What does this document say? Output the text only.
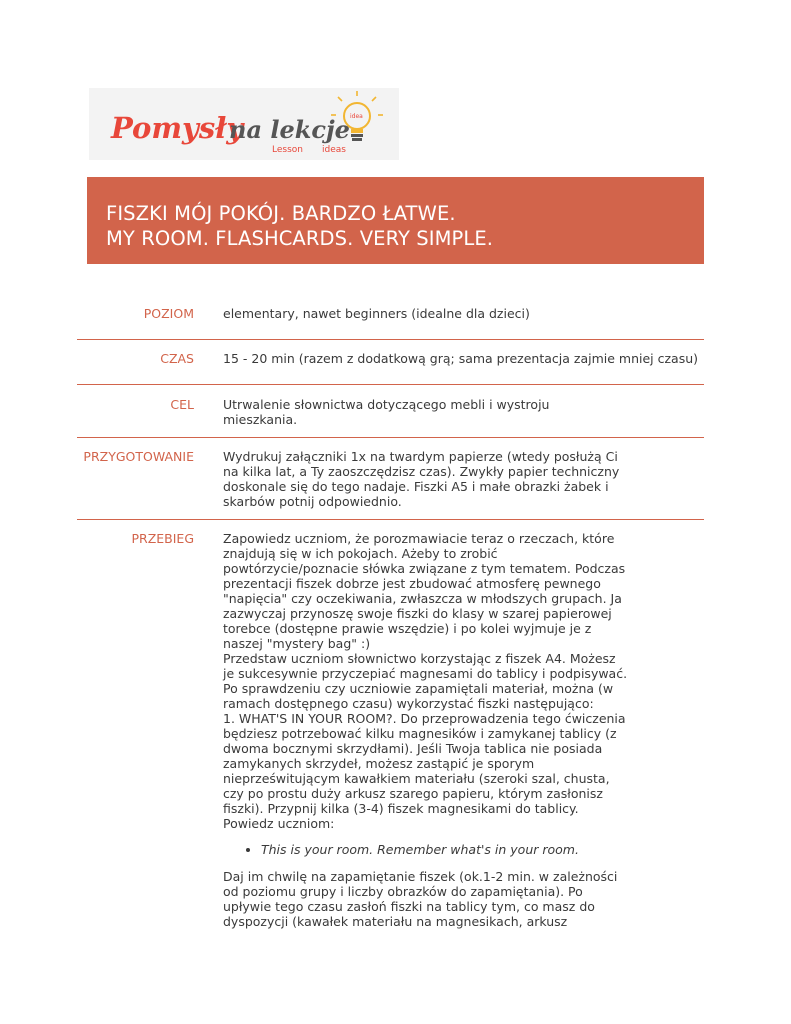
Pomysły
na lekcje
Lesson ideas
idea
FISZKI MÓJ POKÓJ. BARDZO ŁATWE.
MY ROOM. FLASHCARDS. VERY SIMPLE.
POZIOM elementary, nawet beginners (idealne dla dzieci)
CZAS 15 - 20 min (razem z dodatkową grą; sama prezentacja zajmie mniej czasu)
CEL Utrwalenie słownictwa dotyczącego mebli i wystroju mieszkania.
PRZYGOTOWANIE Wydrukuj załączniki 1x na twardym papierze (wtedy posłużą Ci na kilka lat, a Ty zaoszczędzisz czas). Zwykły papier techniczny doskonale się do tego nadaje. Fiszki A5 i małe obrazki żabek i skarbów potnij odpowiednio.
PRZEBIEG Zapowiedz uczniom, że porozmawiacie teraz o rzeczach, które znajdują się w ich pokojach. Ażeby to zrobić powtórzycie/poznacie słówka związane z tym tematem. Podczas prezentacji fiszek dobrze jest zbudować atmosferę pewnego "napięcia" czy oczekiwania, zwłaszcza w młodszych grupach. Ja zazwyczaj przynoszę swoje fiszki do klasy w szarej papierowej torebce (dostępne prawie wszędzie) i po kolei wyjmuje je z naszej "mystery bag" :)

Przedstaw uczniom słownictwo korzystając z fiszek A4. Możesz je sukcesywnie przyczepiać magnesami do tablicy i podpisywać. Po sprawdzeniu czy uczniowie zapamiętali materiał, można (w ramach dostępnego czasu) wykorzystać fiszki następująco:

1. WHAT'S IN YOUR ROOM?. Do przeprowadzenia tego ćwiczenia będziesz potrzebować kilku magnesików i zamykanej tablicy (z dwoma bocznymi skrzydłami). Jeśli Twoja tablica nie posiada zamykanych skrzydeł, możesz zastąpić je sporym nieprześwitującym kawałkiem materiału (szeroki szal, chusta, czy po prostu duży arkusz szarego papieru, którym zasłonisz fiszki). Przypnij kilka (3-4) fiszek magnesikami do tablicy. Powiedz uczniom:

• This is your room. Remember what's in your room.

Daj im chwilę na zapamiętanie fiszek (ok.1-2 min. w zależności od poziomu grupy i liczby obrazków do zapamiętania). Po upływie tego czasu zasłoń fiszki na tablicy tym, co masz do dyspozycji (kawałek materiału na magnesikach, arkusz
